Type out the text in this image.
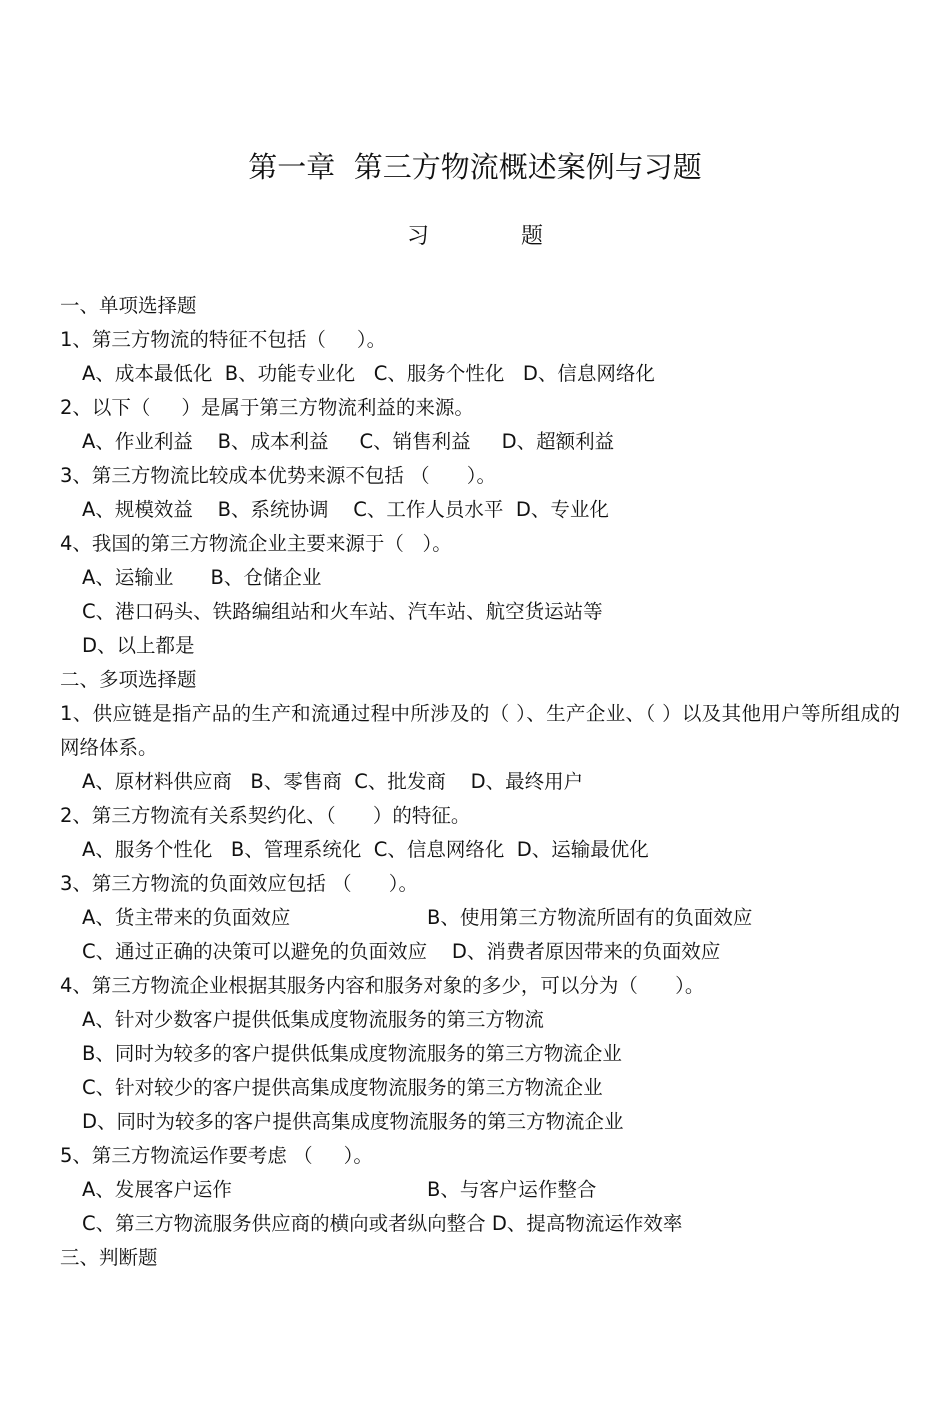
第一章  第三方物流概述案例与习题
习	题
一、单项选择题
1、第三方物流的特征不包括（     ）。
A、成本最低化  B、功能专业化   C、服务个性化   D、信息网络化
2、以下（     ）是属于第三方物流利益的来源。
A、作业利益    B、成本利益     C、销售利益     D、超额利益
3、第三方物流比较成本优势来源不包括 （      ）。
A、规模效益    B、系统协调    C、工作人员水平  D、专业化
4、我国的第三方物流企业主要来源于（   ）。
A、运输业      B、仓储企业
C、港口码头、铁路编组站和火车站、汽车站、航空货运站等
D、以上都是
二、多项选择题
1、供应链是指产品的生产和流通过程中所涉及的（ ）、生产企业、（ ）以及其他用户等所组成的网络体系。
A、原材料供应商   B、零售商  C、批发商    D、最终用户
2、第三方物流有关系契约化、（      ）的特征。
A、服务个性化   B、管理系统化  C、信息网络化  D、运输最优化
3、第三方物流的负面效应包括 （      ）。
A、货主带来的负面效应	B、使用第三方物流所固有的负面效应
C、通过正确的决策可以避免的负面效应    D、消费者原因带来的负面效应
4、第三方物流企业根据其服务内容和服务对象的多少，可以分为（      ）。
A、针对少数客户提供低集成度物流服务的第三方物流
B、同时为较多的客户提供低集成度物流服务的第三方物流企业
C、针对较少的客户提供高集成度物流服务的第三方物流企业
D、同时为较多的客户提供高集成度物流服务的第三方物流企业
5、第三方物流运作要考虑 （     ）。
A、发展客户运作	B、与客户运作整合
C、第三方物流服务供应商的横向或者纵向整合 D、提高物流运作效率
三、判断题
